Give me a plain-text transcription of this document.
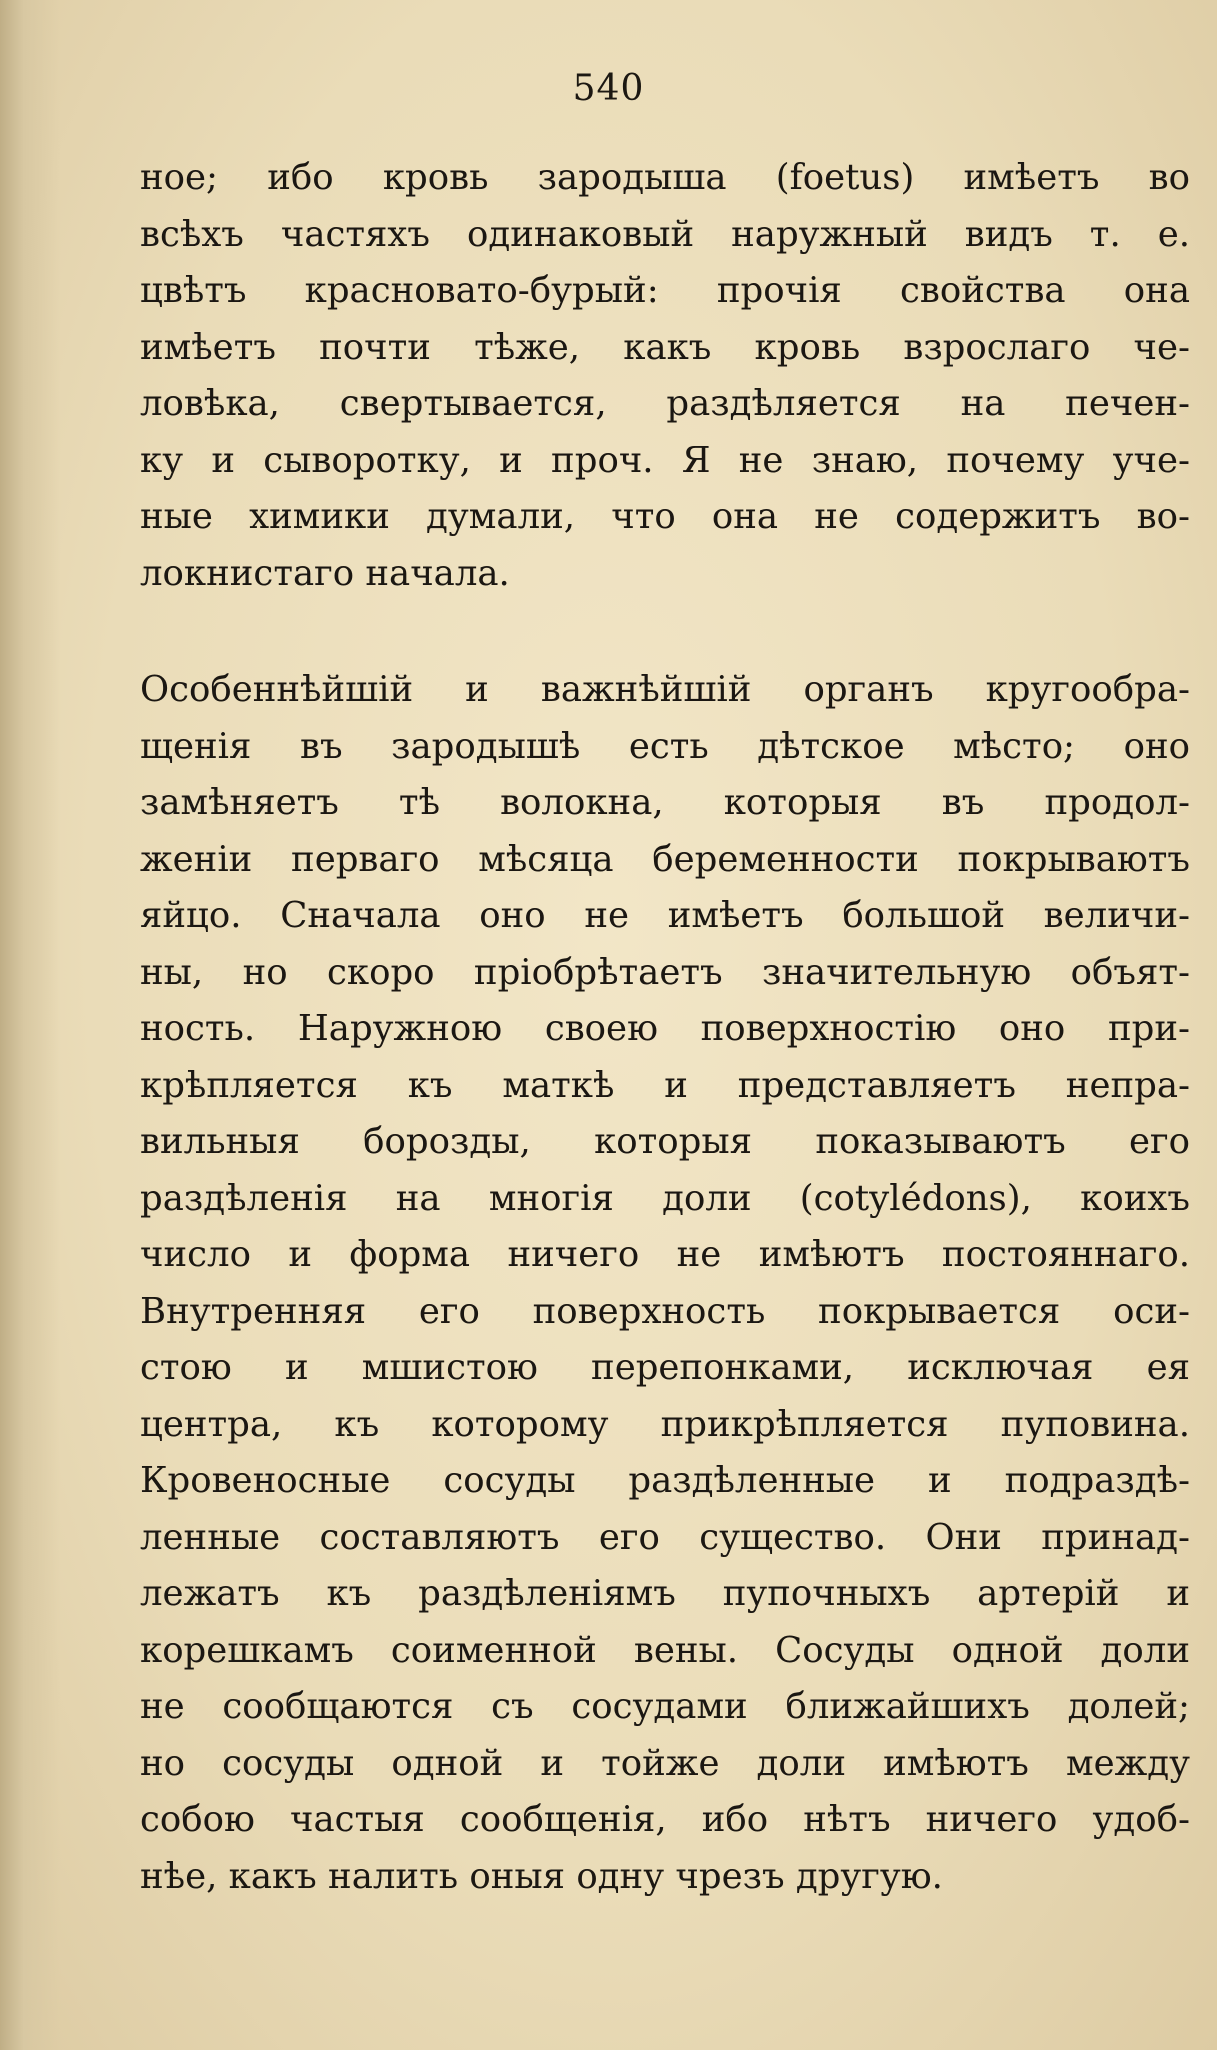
540
ное; ибо кровь зародыша (foetus) имѣетъ во
всѣхъ частяхъ одинаковый наружный видъ т. е.
цвѣтъ красновато-бурый: прочія свойства она
имѣетъ почти тѣже, какъ кровь взрослаго че-
ловѣка, свертывается, раздѣляется на печен-
ку и сыворотку, и проч. Я не знаю, почему уче-
ные химики думали, что она не содержитъ во-
локнистаго начала.
Особеннѣйшій и важнѣйшій органъ кругообра-
щенія въ зародышѣ есть дѣтское мѣсто; оно
замѣняетъ тѣ волокна, которыя въ продол-
женіи перваго мѣсяца беременности покрываютъ
яйцо. Сначала оно не имѣетъ большой величи-
ны, но скоро пріобрѣтаетъ значительную объят-
ность. Наружною своею поверхностію оно при-
крѣпляется къ маткѣ и представляетъ непра-
вильныя борозды, которыя показываютъ его
раздѣленія на многія доли (cotylédons), коихъ
число и форма ничего не имѣютъ постояннаго.
Внутренняя его поверхность покрывается оси-
стою и мшистою перепонками, исключая ея
центра, къ которому прикрѣпляется пуповина.
Кровеносные сосуды раздѣленные и подраздѣ-
ленные составляютъ его существо. Они принад-
лежатъ къ раздѣленіямъ пупочныхъ артерій и
корешкамъ соименной вены. Сосуды одной доли
не сообщаются съ сосудами ближайшихъ долей;
но сосуды одной и тойже доли имѣютъ между
собою частыя сообщенія, ибо нѣтъ ничего удоб-
нѣе, какъ налить оныя одну чрезъ другую.
